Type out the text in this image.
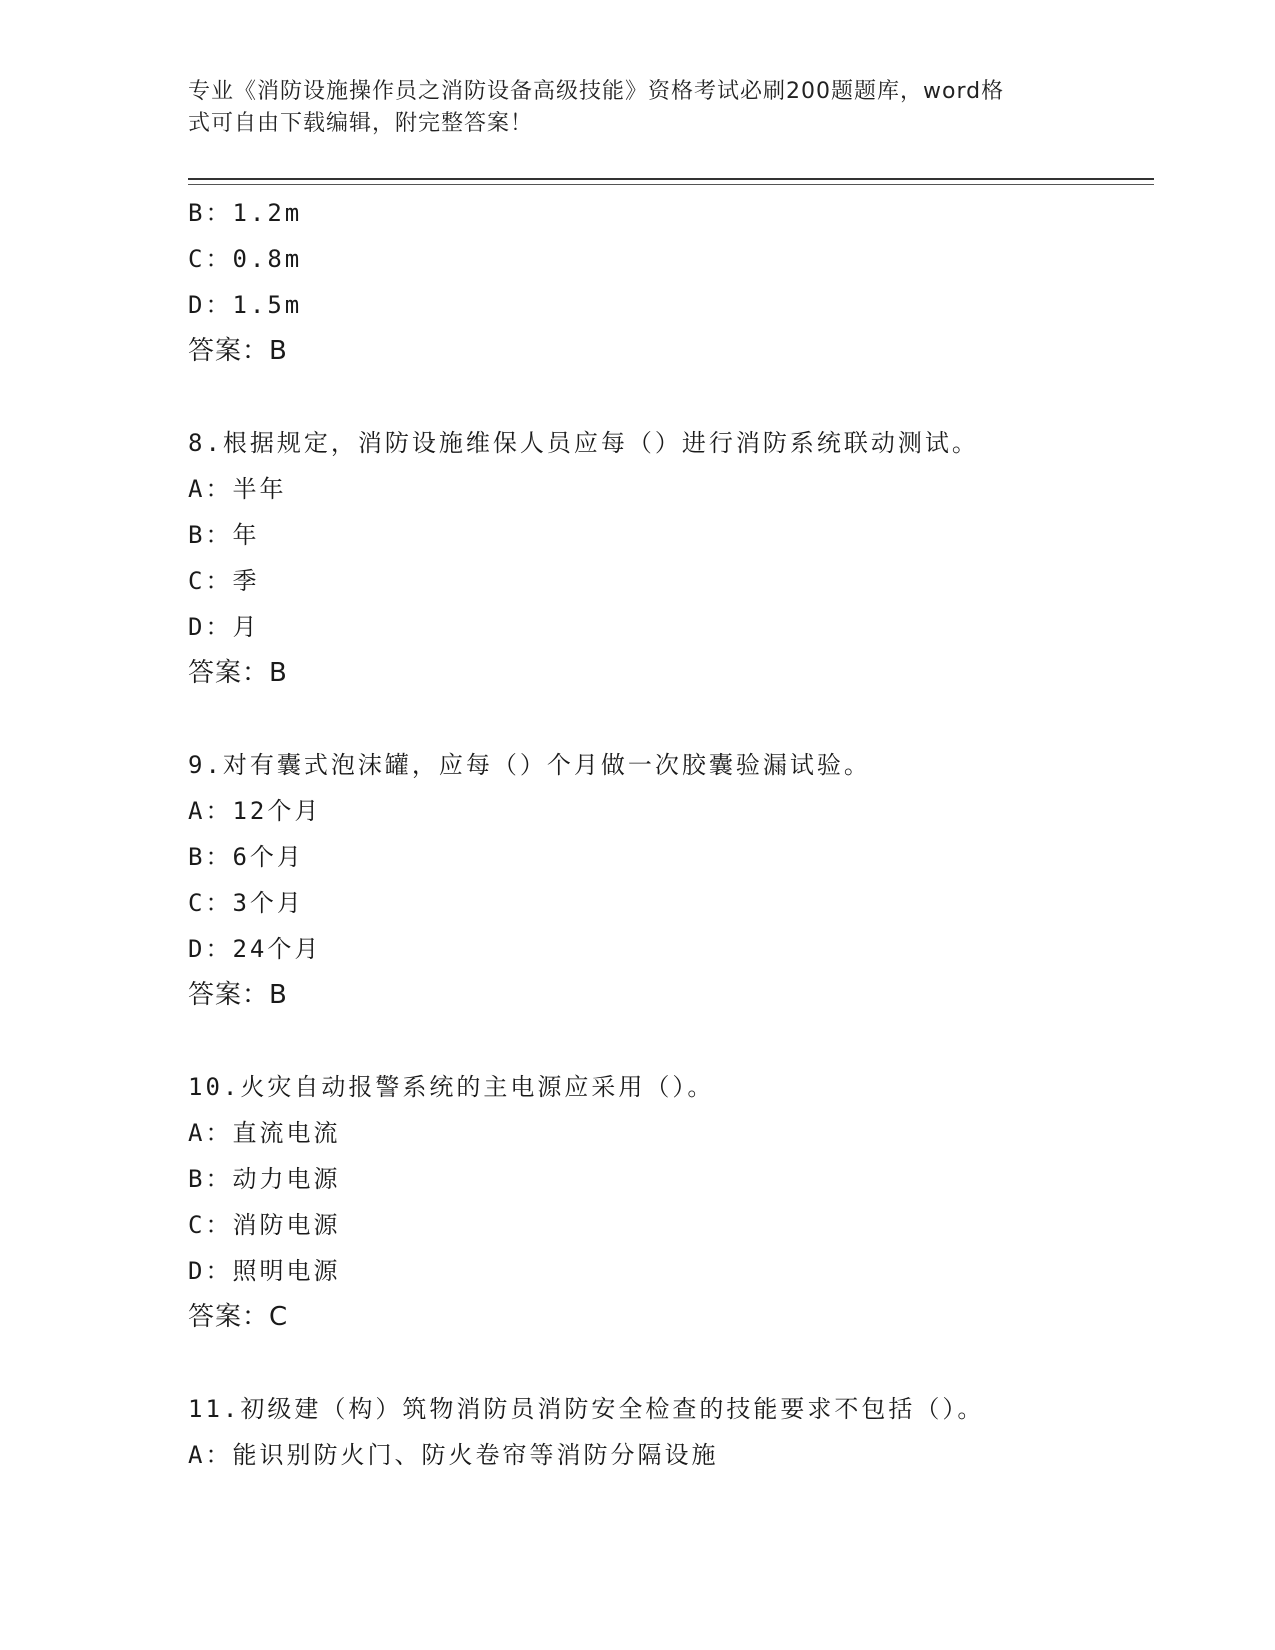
专业《消防设施操作员之消防设备高级技能》资格考试必刷200题题库，word格
式可自由下载编辑，附完整答案！
B：1.2m
C：0.8m
D：1.5m
答案：B
8.根据规定，消防设施维保人员应每（）进行消防系统联动测试。
A：半年
B：年
C：季
D：月
答案：B
9.对有囊式泡沫罐，应每（）个月做一次胶囊验漏试验。
A：12个月
B：6个月
C：3个月
D：24个月
答案：B
10.火灾自动报警系统的主电源应采用（）。
A：直流电流
B：动力电源
C：消防电源
D：照明电源
答案：C
11.初级建（构）筑物消防员消防安全检查的技能要求不包括（）。
A：能识别防火门、防火卷帘等消防分隔设施
